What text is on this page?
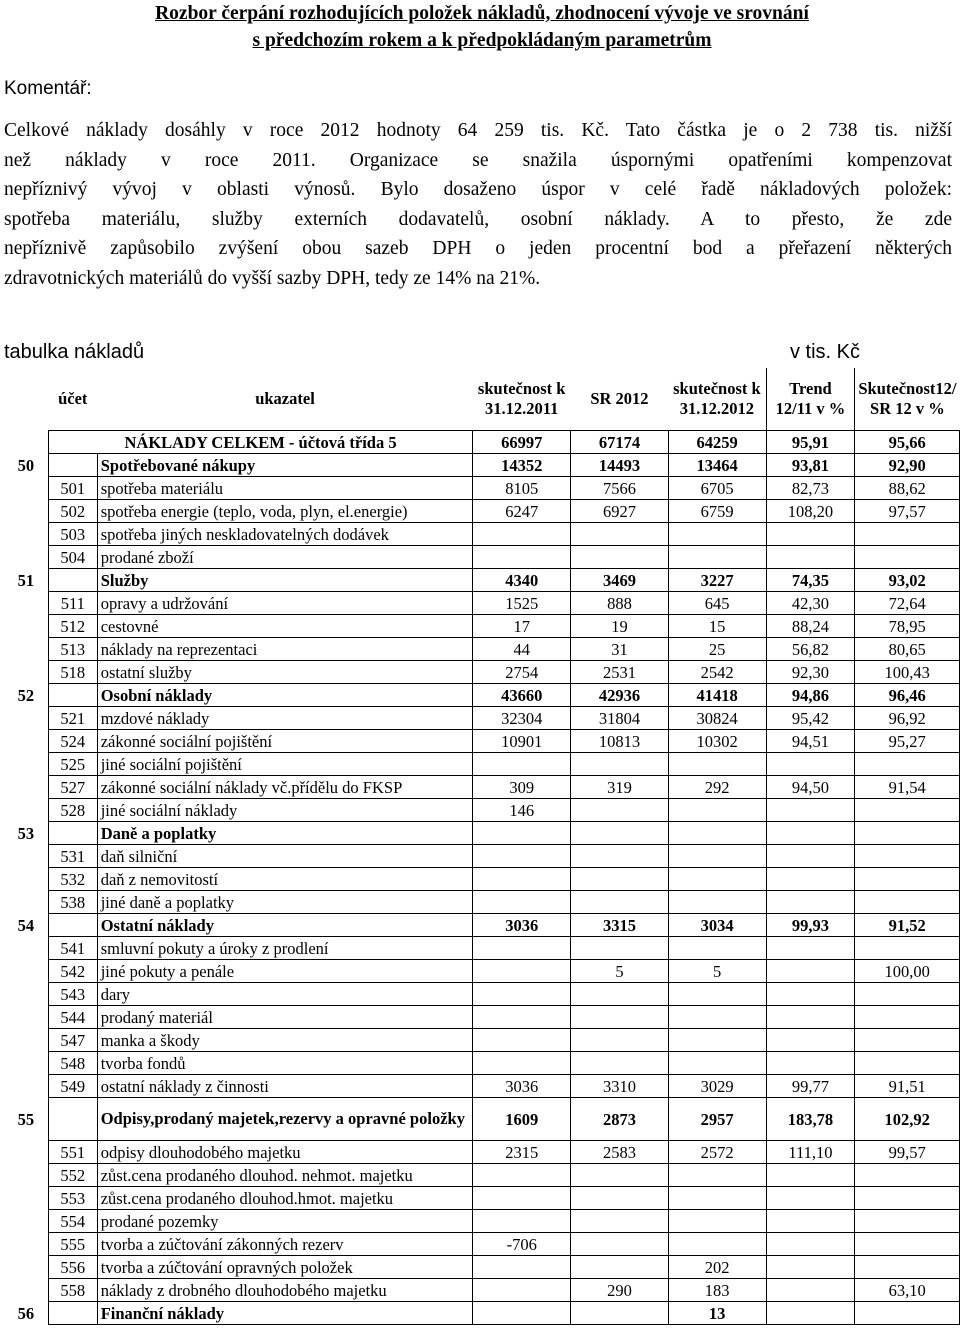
Rozbor čerpání rozhodujících položek nákladů, zhodnocení vývoje ve srovnání
s předchozím rokem a k předpokládaným parametrům
Komentář:
Celkové náklady dosáhly v roce 2012 hodnoty 64 259 tis. Kč. Tato částka je o 2 738 tis. nižší
než náklady v roce 2011. Organizace se snažila úspornými opatřeními kompenzovat
nepříznivý vývoj v oblasti výnosů. Bylo dosaženo úspor v celé řadě nákladových položek:
spotřeba materiálu, služby externích dodavatelů, osobní náklady. A to přesto, že zde
nepříznivě zapůsobilo zvýšení obou sazeb DPH o jeden procentní bod a přeřazení některých
zdravotnických materiálů do vyšší sazby DPH, tedy ze 14% na 21%.
tabulka nákladů	v tis. Kč
	účet	ukazatel	skutečnost k 31.12.2011	SR 2012	skutečnost k 31.12.2012	Trend 12/11 v %	Skutečnost12/ SR 12 v %
	NÁKLADY CELKEM - účtová třída 5		66997	67174	64259	95,91	95,66
50		Spotřebované nákupy	14352	14493	13464	93,81	92,90
	501	spotřeba materiálu	8105	7566	6705	82,73	88,62
	502	spotřeba energie (teplo, voda, plyn, el.energie)	6247	6927	6759	108,20	97,57
	503	spotřeba jiných neskladovatelných dodávek					
	504	prodané zboží					
51		Služby	4340	3469	3227	74,35	93,02
	511	opravy a udržování	1525	888	645	42,30	72,64
	512	cestovné	17	19	15	88,24	78,95
	513	náklady na reprezentaci	44	31	25	56,82	80,65
	518	ostatní služby	2754	2531	2542	92,30	100,43
52		Osobní náklady	43660	42936	41418	94,86	96,46
	521	mzdové náklady	32304	31804	30824	95,42	96,92
	524	zákonné sociální pojištění	10901	10813	10302	94,51	95,27
	525	jiné sociální pojištění					
	527	zákonné sociální náklady vč.přídělu do FKSP	309	319	292	94,50	91,54
	528	jiné sociální náklady	146				
53		Daně a poplatky					
	531	daň silniční					
	532	daň z nemovitostí					
	538	jiné daně a poplatky					
54		Ostatní náklady	3036	3315	3034	99,93	91,52
	541	smluvní pokuty a úroky z prodlení					
	542	jiné pokuty a penále		5	5		100,00
	543	dary					
	544	prodaný materiál					
	547	manka a škody					
	548	tvorba fondů					
	549	ostatní náklady z činnosti	3036	3310	3029	99,77	91,51
55		Odpisy,prodaný majetek,rezervy a opravné položky	1609	2873	2957	183,78	102,92
	551	odpisy dlouhodobého majetku	2315	2583	2572	111,10	99,57
	552	zůst.cena prodaného dlouhod. nehmot. majetku					
	553	zůst.cena prodaného dlouhod.hmot. majetku					
	554	prodané pozemky					
	555	tvorba a zúčtování zákonných rezerv	-706				
	556	tvorba a zúčtování opravných položek			202		
	558	náklady z drobného dlouhodobého majetku		290	183		63,10
56		Finanční náklady			13		
